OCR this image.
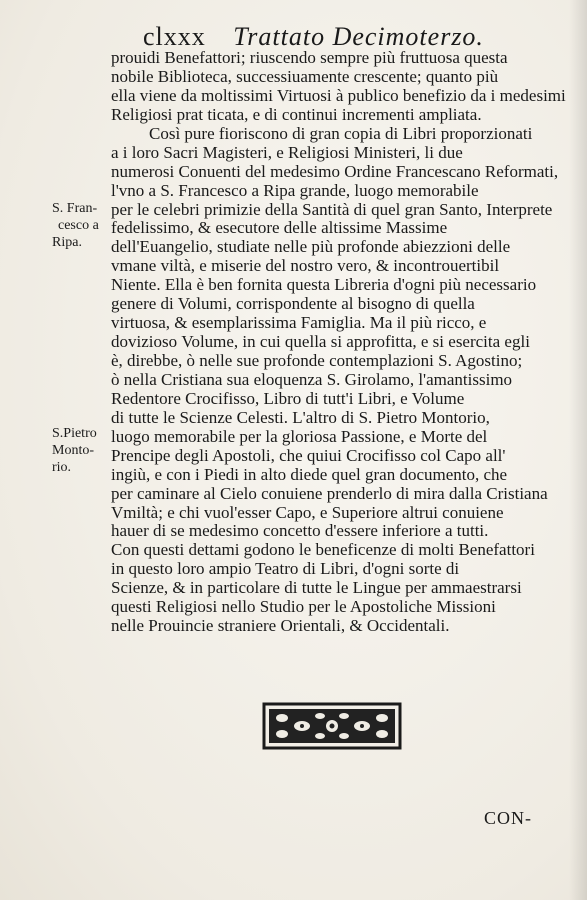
clxxx Trattato Decimoterzo.
S. Fran-
cesco a
Ripa.
S.Pietro
Monto-
rio.
prouidi Benefattori; riuscendo sempre più fruttuosa questa
nobile Biblioteca, successiuamente crescente; quanto più
ella viene da moltissimi Virtuosi à publico benefizio da i medesimi
Religiosi prat ticata, e di continui incrementi ampliata.
Così pure fioriscono di gran copia di Libri proporzionati
a i loro Sacri Magisteri, e Religiosi Ministeri, li due
numerosi Conuenti del medesimo Ordine Francescano Reformati,
l'vno a S. Francesco a Ripa grande, luogo memorabile
per le celebri primizie della Santità di quel gran Santo, Interprete
fedelissimo, & esecutore delle altissime Massime
dell'Euangelio, studiate nelle più profonde abiezzioni delle
vmane viltà, e miserie del nostro vero, & incontrouertibil
Niente. Ella è ben fornita questa Libreria d'ogni più necessario
genere di Volumi, corrispondente al bisogno di quella
virtuosa, & esemplarissima Famiglia. Ma il più ricco, e
doviziosο Volume, in cui quella si approfitta, e si esercita egli
è, direbbe, ò nelle sue profonde contemplazioni S. Agostino;
ò nella Cristiana sua eloquenza S. Girolamo, l'amantissimo
Redentore Crocifisso, Libro di tutt'i Libri, e Volume
di tutte le Scienze Celesti. L'altro di S. Pietro Montorio,
luogo memorabile per la gloriosa Passione, e Morte del
Prencipe degli Apostoli, che quiui Crocifisso col Capo all'
ingiù, e con i Piedi in alto diede quel gran documento, che
per caminare al Cielo conuiene prenderlo di mira dalla Cristiana
Vmiltà; e chi vuol'esser Capo, e Superiore altrui conuiene
hauer di se medesimo concetto d'essere inferiore a tutti.
Con questi dettami godono le beneficenze di molti Benefattori
in questo loro ampio Teatro di Libri, d'ogni sorte di
Scienze, & in particolare di tutte le Lingue per ammaestrarsi
questi Religiosi nello Studio per le Apostoliche Missioni
nelle Prouincie straniere Orientali, & Occidentali.
CON-
